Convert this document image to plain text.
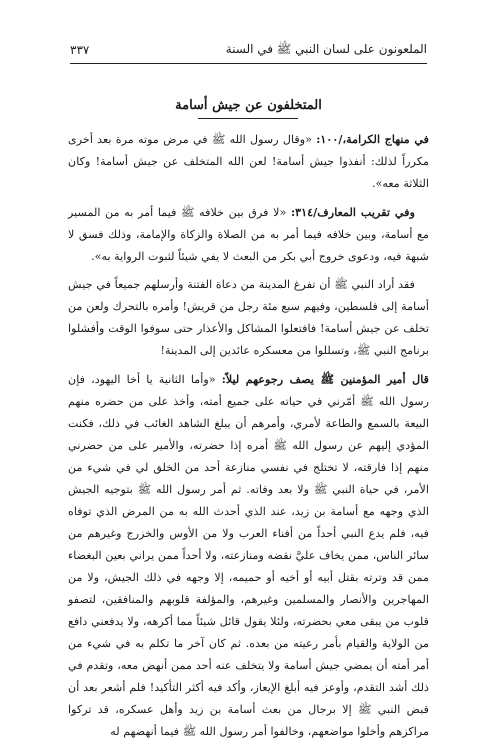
الملعونون على لسان النبي ﷺ في السنة
٣٣٧
المتخلفون عن جيش أسامة

في منهاج الكرامة،/١٠٠: «وقال رسول الله ﷺ في مرض موته مرة بعد أخرى مكرراً لذلك: أنفذوا جيش أسامة! لعن الله المتخلف عن جيش أسامة! وكان الثلاثة معه».

وفي تقريب المعارف/٣١٤: «لا فرق بين خلافه ﷺ فيما أمر به من المسير مع أسامة، وبين خلافه فيما أمر به من الصلاة والزكاة والإمامة، وذلك فسق لا شبهة فيه، ودعوى خروج أبي بكر من البعث لا يفي شيئاً لثبوت الرواية به».

فقد أراد النبي ﷺ أن تفرغ المدينة من دعاة الفتنة وأرسلهم جميعاً في جيش أسامة إلى فلسطين، وفيهم سبع مئة رجل من قريش! وأمره بالتحرك ولعن من تخلف عن جيش أسامة! فافتعلوا المشاكل والأعذار حتى سوفوا الوقت وأفشلوا برنامج النبي ﷺ، وتسللوا من معسكره عائدين إلى المدينة!

قال أمير المؤمنين ﷺ يصف رجوعهم ليلاً: «وأما الثانية يا أخا اليهود، فإن رسول الله ﷺ أمّرني في حياته على جميع أمته، وأخذ على من حضره منهم البيعة بالسمع والطاعة لأمري، وأمرهم أن يبلغ الشاهد الغائب في ذلك، فكنت المؤدي إليهم عن رسول الله ﷺ أمره إذا حضرته، والأمير على من حضرني منهم إذا فارقته، لا تختلج في نفسي منازعة أحد من الخلق لي في شيء من الأمر، في حياة النبي ﷺ ولا بعد وفاته. ثم أمر رسول الله ﷺ بتوجيه الجيش الذي وجهه مع أسامة بن زيد، عند الذي أحدث الله به من المرض الذي توفاه فيه، فلم يدع النبي أحداً من أفناء العرب ولا من الأوس والخزرج وغيرهم من سائر الناس، ممن يخاف عليَّ نقضه ومنازعته، ولا أحداً ممن يراني بعين البغضاء ممن قد وترته بقتل أبيه أو أخيه أو حميمه، إلا وجهه في ذلك الجيش، ولا من المهاجرين والأنصار والمسلمين وغيرهم، والمؤلفة قلوبهم والمنافقين، لتصفو قلوب من يبقى معي بحضرته، ولئلا يقول قائل شيئاً مما أكرهه، ولا يدفعني دافع من الولاية والقيام بأمر رعيته من بعده. ثم كان آخر ما تكلم به في شيء من أمر أمته أن يمضي جيش أسامة ولا يتخلف عنه أحد ممن أنهض معه، وتقدم في ذلك أشد التقدم، وأوعز فيه أبلغ الإيعاز، وأكد فيه أكثر التأكيد! فلم أشعر بعد أن قبض النبي ﷺ إلا برجال من بعث أسامة بن زيد وأهل عسكره، قد تركوا مراكزهم وأخلوا مواضعهم، وخالفوا أمر رسول الله ﷺ فيما أنهضهم له
